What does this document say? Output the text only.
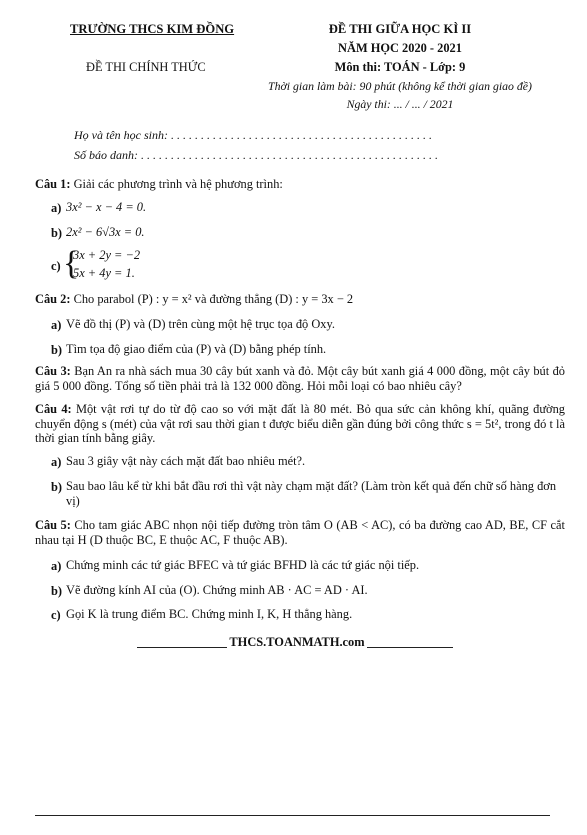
TRƯỜNG THCS KIM ĐỒNG
ĐỀ THI CHÍNH THỨC
ĐỀ THI GIỮA HỌC KÌ II
NĂM HỌC 2020 - 2021
Môn thi: TOÁN - Lớp: 9
Thời gian làm bài: 90 phút (không kể thời gian giao đề)
Ngày thi: ... / ... / 2021
Họ và tên học sinh: . . . . . . . . . . . . . . . . . . . . . . . . . . . . . . . . . . . . . . . . . . . .
Số báo danh: . . . . . . . . . . . . . . . . . . . . . . . . . . . . . . . . . . . . . . . . . . . . . . . . . .
Câu 1: Giải các phương trình và hệ phương trình:
a) 3x² − x − 4 = 0.
b) 2x² − 6√3x = 0.
c) {
3x + 2y = −2
5x + 4y = 1.
Câu 2: Cho parabol (P) : y = x² và đường thẳng (D) : y = 3x − 2
a) Vẽ đồ thị (P) và (D) trên cùng một hệ trục tọa độ Oxy.
b) Tìm tọa độ giao điểm của (P) và (D) bằng phép tính.
Câu 3: Bạn An ra nhà sách mua 30 cây bút xanh và đỏ. Một cây bút xanh giá 4 000 đồng, một cây bút đỏ giá 5 000 đồng. Tổng số tiền phải trả là 132 000 đồng. Hỏi mỗi loại có bao nhiêu cây?
Câu 4: Một vật rơi tự do từ độ cao so với mặt đất là 80 mét. Bỏ qua sức cản không khí, quãng đường chuyển động s (mét) của vật rơi sau thời gian t được biểu diễn gần đúng bởi công thức s = 5t², trong đó t là thời gian tính bằng giây.
a) Sau 3 giây vật này cách mặt đất bao nhiêu mét?.
b) Sau bao lâu kể từ khi bắt đầu rơi thì vật này chạm mặt đất? (Làm tròn kết quả đến chữ số hàng đơn vị)
Câu 5: Cho tam giác ABC nhọn nội tiếp đường tròn tâm O (AB < AC), có ba đường cao AD, BE, CF cắt nhau tại H (D thuộc BC, E thuộc AC, F thuộc AB).
a) Chứng minh các tứ giác BFEC và tứ giác BFHD là các tứ giác nội tiếp.
b) Vẽ đường kính AI của (O). Chứng minh AB · AC = AD · AI.
c) Gọi K là trung điểm BC. Chứng minh I, K, H thẳng hàng.
THCS.TOANMATH.com
